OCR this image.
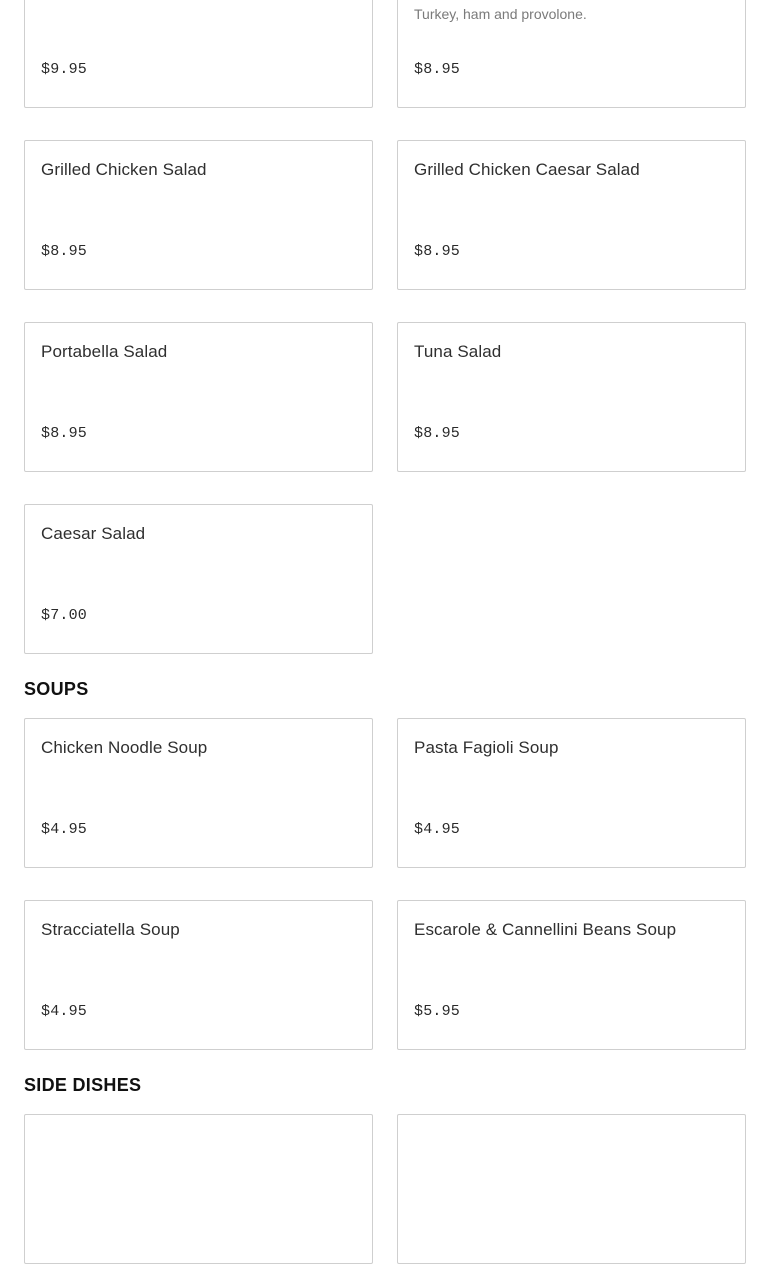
$9.95
Turkey, ham and provolone.
$8.95
Grilled Chicken Salad
$8.95
Grilled Chicken Caesar Salad
$8.95
Portabella Salad
$8.95
Tuna Salad
$8.95
Caesar Salad
$7.00
SOUPS
Chicken Noodle Soup
$4.95
Pasta Fagioli Soup
$4.95
Stracciatella Soup
$4.95
Escarole & Cannellini Beans Soup
$5.95
SIDE DISHES
